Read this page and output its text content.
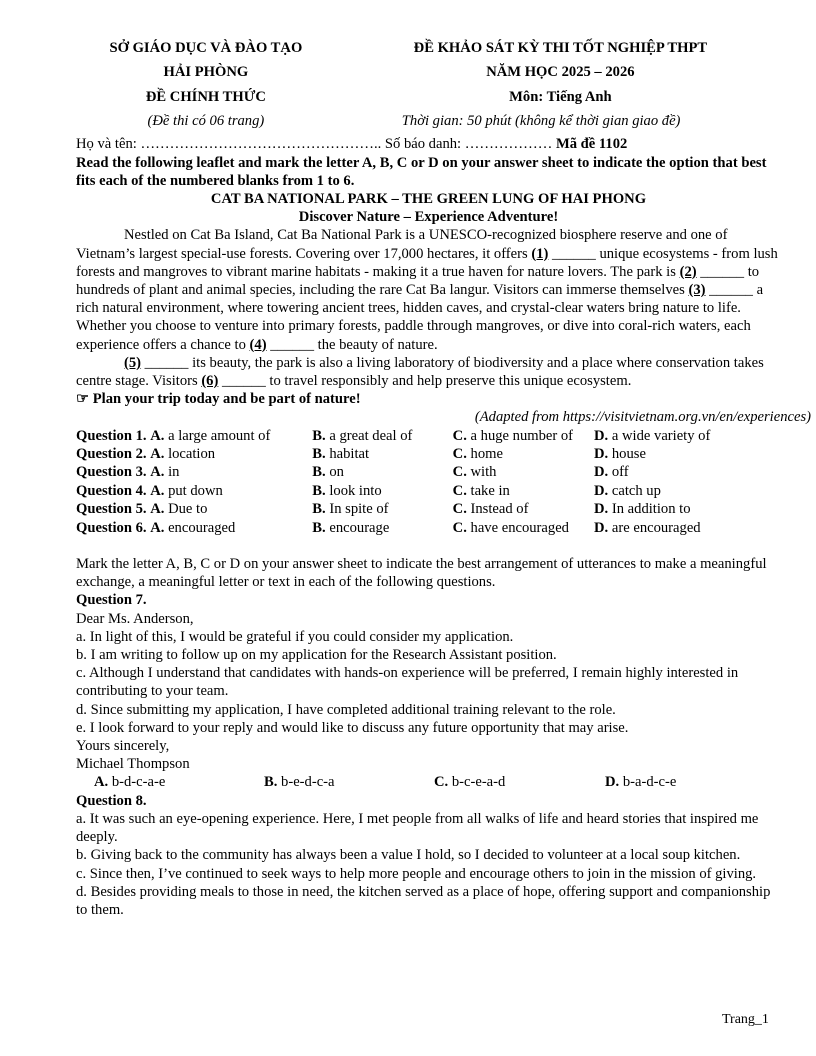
SỞ GIÁO DỤC VÀ ĐÀO TẠO
HẢI PHÒNG
ĐỀ CHÍNH THỨC
(Đề thi có 06 trang)
ĐỀ KHẢO SÁT KỲ THI TỐT NGHIỆP THPT
NĂM HỌC 2025 – 2026
Môn: Tiếng Anh
Thời gian: 50 phút (không kể thời gian giao đề)
Họ và tên: ………………………………………….. Số báo danh: ……………… Mã đề 1102
Read the following leaflet and mark the letter A, B, C or D on your answer sheet to indicate the option that best fits each of the numbered blanks from 1 to 6.
CAT BA NATIONAL PARK – THE GREEN LUNG OF HAI PHONG
Discover Nature – Experience Adventure!
Nestled on Cat Ba Island, Cat Ba National Park is a UNESCO-recognized biosphere reserve and one of Vietnam’s largest special-use forests. Covering over 17,000 hectares, it offers (1) ______ unique ecosystems - from lush forests and mangroves to vibrant marine habitats - making it a true haven for nature lovers. The park is (2) ______ to hundreds of plant and animal species, including the rare Cat Ba langur. Visitors can immerse themselves (3) ______ a rich natural environment, where towering ancient trees, hidden caves, and crystal-clear waters bring nature to life. Whether you choose to venture into primary forests, paddle through mangroves, or dive into coral-rich waters, each experience offers a chance to (4) ______ the beauty of nature.
(5) ______ its beauty, the park is also a living laboratory of biodiversity and a place where conservation takes centre stage. Visitors (6) ______ to travel responsibly and help preserve this unique ecosystem.
☞ Plan your trip today and be part of nature!
(Adapted from https://visitvietnam.org.vn/en/experiences)
Question 1. A. a large amount of	B. a great deal of	C. a huge number of	D. a wide variety of
Question 2. A. location	B. habitat	C. home	D. house
Question 3. A. in	B. on	C. with	D. off
Question 4. A. put down	B. look into	C. take in	D. catch up
Question 5. A. Due to	B. In spite of	C. Instead of	D. In addition to
Question 6. A. encouraged	B. encourage	C. have encouraged	D. are encouraged
Mark the letter A, B, C or D on your answer sheet to indicate the best arrangement of utterances to make a meaningful exchange, a meaningful letter or text in each of the following questions.
Question 7.
Dear Ms. Anderson,
a. In light of this, I would be grateful if you could consider my application.
b. I am writing to follow up on my application for the Research Assistant position.
c. Although I understand that candidates with hands-on experience will be preferred, I remain highly interested in contributing to your team.
d. Since submitting my application, I have completed additional training relevant to the role.
e. I look forward to your reply and would like to discuss any future opportunity that may arise.
Yours sincerely,
Michael Thompson
A. b-d-c-a-e	B. b-e-d-c-a	C. b-c-e-a-d	D. b-a-d-c-e
Question 8.
a. It was such an eye-opening experience. Here, I met people from all walks of life and heard stories that inspired me deeply.
b. Giving back to the community has always been a value I hold, so I decided to volunteer at a local soup kitchen.
c. Since then, I’ve continued to seek ways to help more people and encourage others to join in the mission of giving.
d. Besides providing meals to those in need, the kitchen served as a place of hope, offering support and companionship to them.
Trang_1
